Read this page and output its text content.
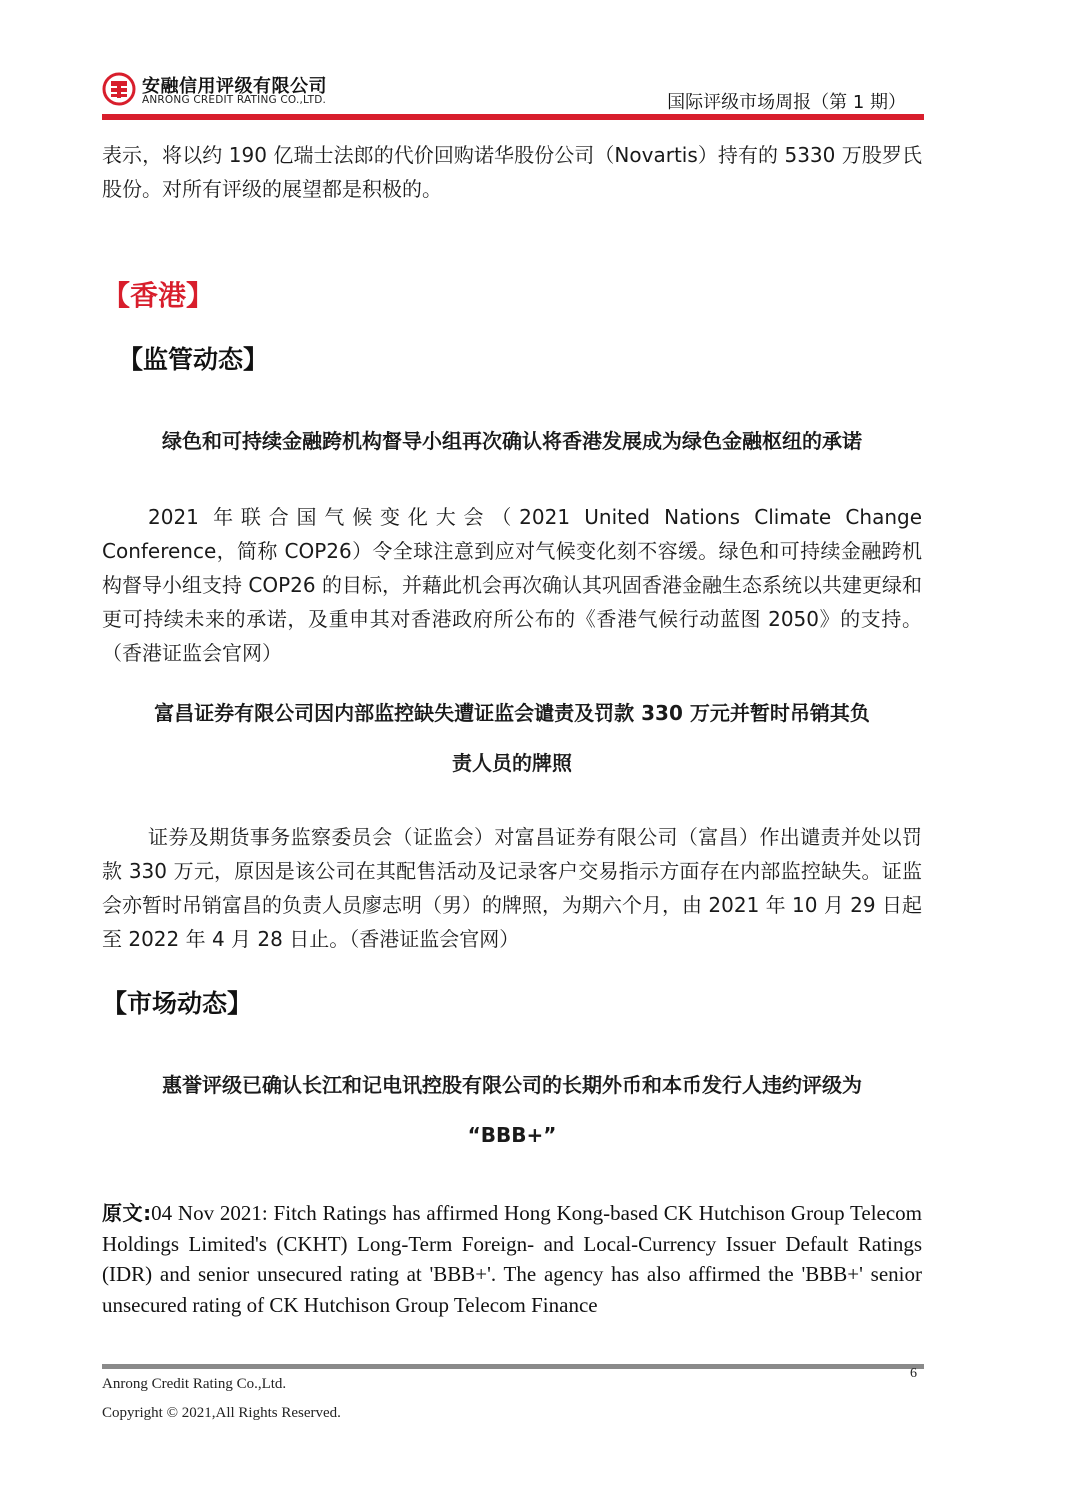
安融信用评级有限公司
ANRONG CREDIT RATING CO.,LTD.	国际评级市场周报（第 1 期）

表示，将以约 190 亿瑞士法郎的代价回购诺华股份公司（Novartis）持有的 5330 万股罗氏股份。对所有评级的展望都是积极的。

【香港】
【监管动态】
绿色和可持续金融跨机构督导小组再次确认将香港发展成为绿色金融枢纽的承诺

2021 年联合国气候变化大会（2021 United Nations Climate Change Conference，简称 COP26）令全球注意到应对气候变化刻不容缓。绿色和可持续金融跨机构督导小组支持 COP26 的目标，并藉此机会再次确认其巩固香港金融生态系统以共建更绿和更可持续未来的承诺，及重申其对香港政府所公布的《香港气候行动蓝图 2050》的支持。（香港证监会官网）

富昌证券有限公司因内部监控缺失遭证监会谴责及罚款 330 万元并暂时吊销其负
责人员的牌照

证券及期货事务监察委员会（证监会）对富昌证券有限公司（富昌）作出谴责并处以罚款 330 万元，原因是该公司在其配售活动及记录客户交易指示方面存在内部监控缺失。证监会亦暂时吊销富昌的负责人员廖志明（男）的牌照，为期六个月，由 2021 年 10 月 29 日起至 2022 年 4 月 28 日止。（香港证监会官网）

【市场动态】
惠誉评级已确认长江和记电讯控股有限公司的长期外币和本币发行人违约评级为
“BBB+”

原文:04 Nov 2021: Fitch Ratings has affirmed Hong Kong-based CK Hutchison Group Telecom Holdings Limited's (CKHT) Long-Term Foreign- and Local-Currency Issuer Default Ratings (IDR) and senior unsecured rating at 'BBB+'. The agency has also affirmed the 'BBB+' senior unsecured rating of CK Hutchison Group Telecom Finance

6
Anrong Credit Rating Co.,Ltd.
Copyright © 2021,All Rights Reserved.
